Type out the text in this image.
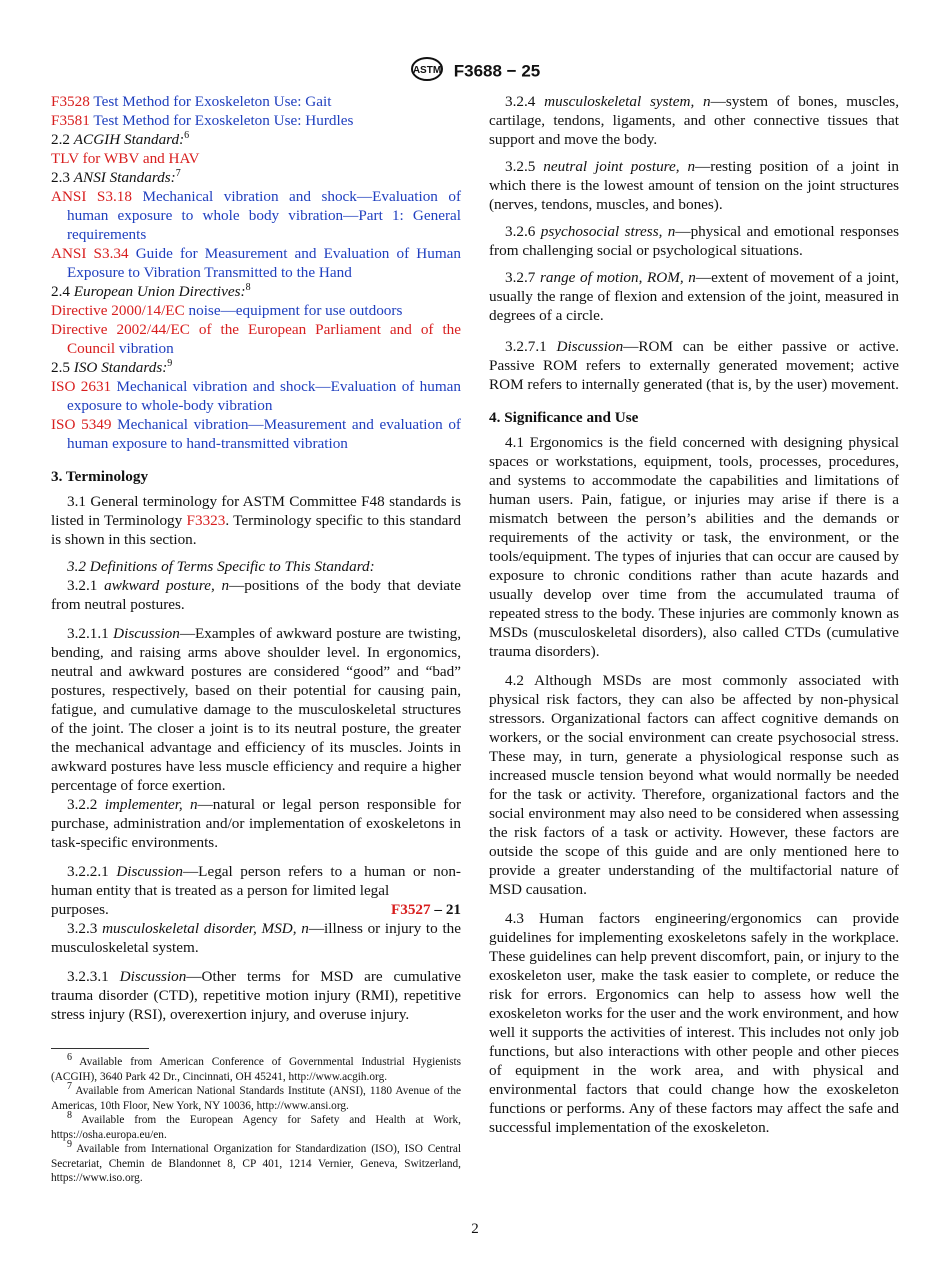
ASTM F3688 − 25

F3528 Test Method for Exoskeleton Use: Gait

F3581 Test Method for Exoskeleton Use: Hurdles

2.2 ACGIH Standard:$^6$

TLV for WBV and HAV

2.3 ANSI Standards:$^7$

ANSI S3.18 Mechanical vibration and shock—Evaluation of human exposure to whole body vibration—Part 1: General requirements

ANSI S3.34 Guide for Measurement and Evaluation of Human Exposure to Vibration Transmitted to the Hand

2.4 European Union Directives:$^8$

Directive 2000/14/EC noise—equipment for use outdoors

Directive 2002/44/EC of the European Parliament and of the Council vibration

2.5 ISO Standards:$^9$

ISO 2631 Mechanical vibration and shock—Evaluation of human exposure to whole-body vibration

ISO 5349 Mechanical vibration—Measurement and evaluation of human exposure to hand-transmitted vibration

3. Terminology

3.1 General terminology for ASTM Committee F48 standards is listed in Terminology F3323. Terminology specific to this standard is shown in this section.

3.2 Definitions of Terms Specific to This Standard:

3.2.1 awkward posture, n—positions of the body that deviate from neutral postures.

3.2.1.1 Discussion—Examples of awkward posture are twisting, bending, and raising arms above shoulder level. In ergonomics, neutral and awkward postures are considered “good” and “bad” postures, respectively, based on their potential for causing pain, fatigue, and cumulative damage to the musculoskeletal structures of the joint. The closer a joint is to its neutral posture, the greater the mechanical advantage and efficiency of its muscles. Joints in awkward postures have less muscle efficiency and require a higher percentage of force exertion.

3.2.2 implementer, n—natural or legal person responsible for purchase, administration and/or implementation of exoskeletons in task-specific environments.

3.2.2.1 Discussion—Legal person refers to a human or non-human entity that is treated as a person for limited legal

purposes.	F3527 – 21

3.2.3 musculoskeletal disorder, MSD, n—illness or injury to the musculoskeletal system.

3.2.3.1 Discussion—Other terms for MSD are cumulative trauma disorder (CTD), repetitive motion injury (RMI), repetitive stress injury (RSI), overexertion injury, and overuse injury.

$^6$ Available from American Conference of Governmental Industrial Hygienists (ACGIH), 3640 Park 42 Dr., Cincinnati, OH 45241, http://www.acgih.org.

$^7$ Available from American National Standards Institute (ANSI), 1180 Avenue of the Americas, 10th Floor, New York, NY 10036, http://www.ansi.org.

$^8$ Available from the European Agency for Safety and Health at Work, https://osha.europa.eu/en.

$^9$ Available from International Organization for Standardization (ISO), ISO Central Secretariat, Chemin de Blandonnet 8, CP 401, 1214 Vernier, Geneva, Switzerland, https://www.iso.org.

3.2.4 musculoskeletal system, n—system of bones, muscles, cartilage, tendons, ligaments, and other connective tissues that support and move the body.

3.2.5 neutral joint posture, n—resting position of a joint in which there is the lowest amount of tension on the joint structures (nerves, tendons, muscles, and bones).

3.2.6 psychosocial stress, n—physical and emotional responses from challenging social or psychological situations.

3.2.7 range of motion, ROM, n—extent of movement of a joint, usually the range of flexion and extension of the joint, measured in degrees of a circle.

3.2.7.1 Discussion—ROM can be either passive or active. Passive ROM refers to externally generated movement; active ROM refers to internally generated (that is, by the user) movement.

4. Significance and Use

4.1 Ergonomics is the field concerned with designing physical spaces or workstations, equipment, tools, processes, procedures, and systems to accommodate the capabilities and limitations of human users. Pain, fatigue, or injuries may arise if there is a mismatch between the person’s abilities and the demands or requirements of the activity or task, the environment, or the tools/equipment. The types of injuries that can occur are caused by exposure to chronic conditions rather than acute hazards and usually develop over time from the accumulated trauma of repeated stress to the body. These injuries are commonly known as MSDs (musculoskeletal disorders), also called CTDs (cumulative trauma disorders).

4.2 Although MSDs are most commonly associated with physical risk factors, they can also be affected by non-physical stressors. Organizational factors can affect cognitive demands on workers, or the social environment can create psychosocial stress. These may, in turn, generate a physiological response such as increased muscle tension beyond what would normally be needed for the task or activity. Therefore, organizational factors and the social environment may also need to be considered when assessing the risk factors of a task or activity. However, these factors are outside the scope of this guide and are only mentioned here to provide a greater understanding of the multifactorial nature of MSD causation.

4.3 Human factors engineering/ergonomics can provide guidelines for implementing exoskeletons safely in the workplace. These guidelines can help prevent discomfort, pain, or injury to the exoskeleton user, make the task easier to complete, or reduce the risk for errors. Ergonomics can help to assess how well the exoskeleton works for the user and the work environment, and how well it supports the activities of interest. This includes not only job functions, but also interactions with other people and other pieces of equipment in the work area, and with physical and environmental factors that could change how the exoskeleton functions or performs. Any of these factors may affect the safe and successful implementation of the exoskeleton.

2
